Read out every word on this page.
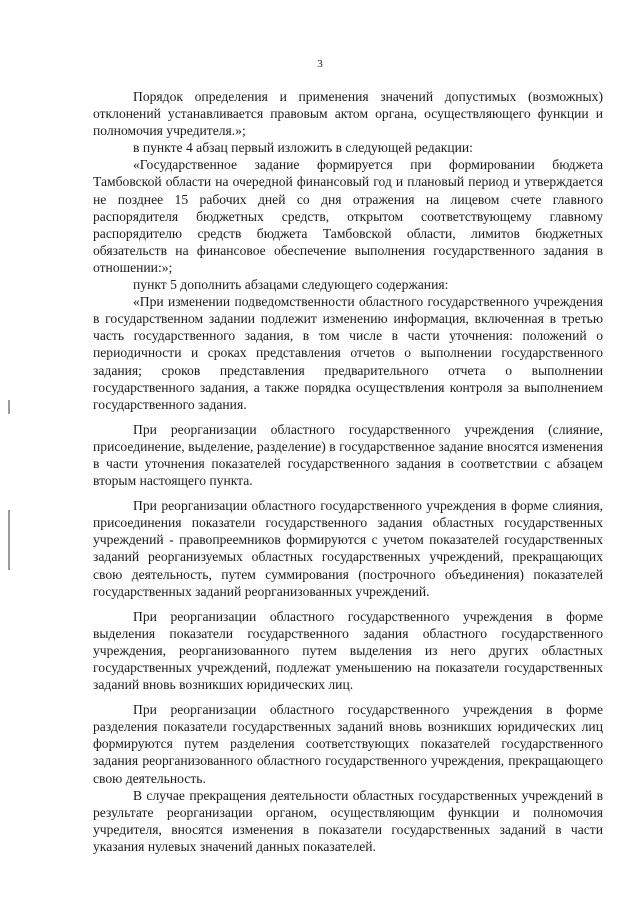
3

Порядок определения и применения значений допустимых (возможных) отклонений устанавливается правовым актом органа, осуществляющего функции и полномочия учредителя.»;

в пункте 4 абзац первый изложить в следующей редакции:

«Государственное задание формируется при формировании бюджета Тамбовской области на очередной финансовый год и плановый период и утверждается не позднее 15 рабочих дней со дня отражения на лицевом счете главного распорядителя бюджетных средств, открытом соответствующему главному распорядителю средств бюджета Тамбовской области, лимитов бюджетных обязательств на финансовое обеспечение выполнения государственного задания в отношении:»;

пункт 5 дополнить абзацами следующего содержания:

«При изменении подведомственности областного государственного учреждения в государственном задании подлежит изменению информация, включенная в третью часть государственного задания, в том числе в части уточнения: положений о периодичности и сроках представления отчетов о выполнении государственного задания; сроков представления предварительного отчета о выполнении государственного задания, а также порядка осуществления контроля за выполнением государственного задания.

При реорганизации областного государственного учреждения (слияние, присоединение, выделение, разделение) в государственное задание вносятся изменения в части уточнения показателей государственного задания в соответствии с абзацем вторым настоящего пункта.

При реорганизации областного государственного учреждения в форме слияния, присоединения показатели государственного задания областных государственных учреждений - правопреемников формируются с учетом показателей государственных заданий реорганизуемых областных государственных учреждений, прекращающих свою деятельность, путем суммирования (построчного объединения) показателей государственных заданий реорганизованных учреждений.

При реорганизации областного государственного учреждения в форме выделения показатели государственного задания областного государственного учреждения, реорганизованного путем выделения из него других областных государственных учреждений, подлежат уменьшению на показатели государственных заданий вновь возникших юридических лиц.

При реорганизации областного государственного учреждения в форме разделения показатели государственных заданий вновь возникших юридических лиц формируются путем разделения соответствующих показателей государственного задания реорганизованного областного государственного учреждения, прекращающего свою деятельность.

В случае прекращения деятельности областных государственных учреждений в результате реорганизации органом, осуществляющим функции и полномочия учредителя, вносятся изменения в показатели государственных заданий в части указания нулевых значений данных показателей.
